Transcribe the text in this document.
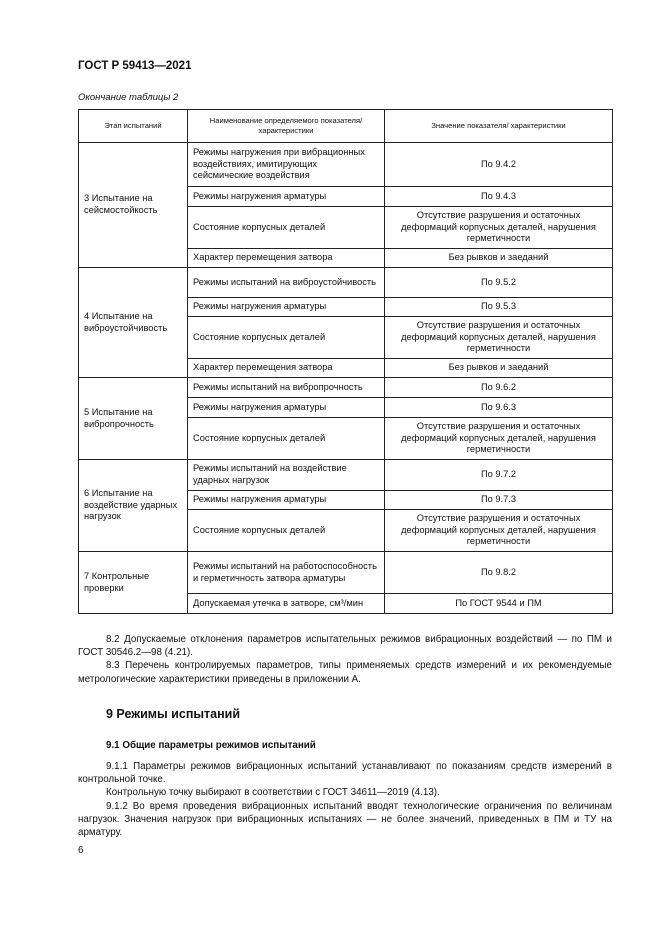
ГОСТ Р 59413—2021
Окончание таблицы 2
Этап испытаний	Наименование определяемого показателя/характеристики	Значение показателя/ характеристики
3 Испытание на сейсмостойкость	Режимы нагружения при вибрационных воздействиях, имитирующих сейсмические воздействия	По 9.4.2
	Режимы нагружения арматуры	По 9.4.3
	Состояние корпусных деталей	Отсутствие разрушения и остаточных деформаций корпусных деталей, нарушения герметичности
	Характер перемещения затвора	Без рывков и заеданий
4 Испытание на виброустойчивость	Режимы испытаний на виброустойчивость	По 9.5.2
	Режимы нагружения арматуры	По 9.5.3
	Состояние корпусных деталей	Отсутствие разрушения и остаточных деформаций корпусных деталей, нарушения герметичности
	Характер перемещения затвора	Без рывков и заеданий
5 Испытание на вибропрочность	Режимы испытаний на вибропрочность	По 9.6.2
	Режимы нагружения арматуры	По 9.6.3
	Состояние корпусных деталей	Отсутствие разрушения и остаточных деформаций корпусных деталей, нарушения герметичности
6 Испытание на воздействие ударных нагрузок	Режимы испытаний на воздействие ударных нагрузок	По 9.7.2
	Режимы нагружения арматуры	По 9.7.3
	Состояние корпусных деталей	Отсутствие разрушения и остаточных деформаций корпусных деталей, нарушения герметичности
7 Контрольные проверки	Режимы испытаний на работоспособность и герметичность затвора арматуры	По 9.8.2
	Допускаемая утечка в затворе, см³/мин	По ГОСТ 9544 и ПМ

8.2 Допускаемые отклонения параметров испытательных режимов вибрационных воздействий — по ПМ и ГОСТ 30546.2—98 (4.21).

8.3 Перечень контролируемых параметров, типы применяемых средств измерений и их рекомендуемые метрологические характеристики приведены в приложении А.

9 Режимы испытаний
9.1 Общие параметры режимов испытаний

9.1.1 Параметры режимов вибрационных испытаний устанавливают по показаниям средств измерений в контрольной точке.

Контрольную точку выбирают в соответствии с ГОСТ 34611—2019 (4.13).

9.1.2 Во время проведения вибрационных испытаний вводят технологические ограничения по величинам нагрузок. Значения нагрузок при вибрационных испытаниях — не более значений, приведенных в ПМ и ТУ на арматуру.

6
